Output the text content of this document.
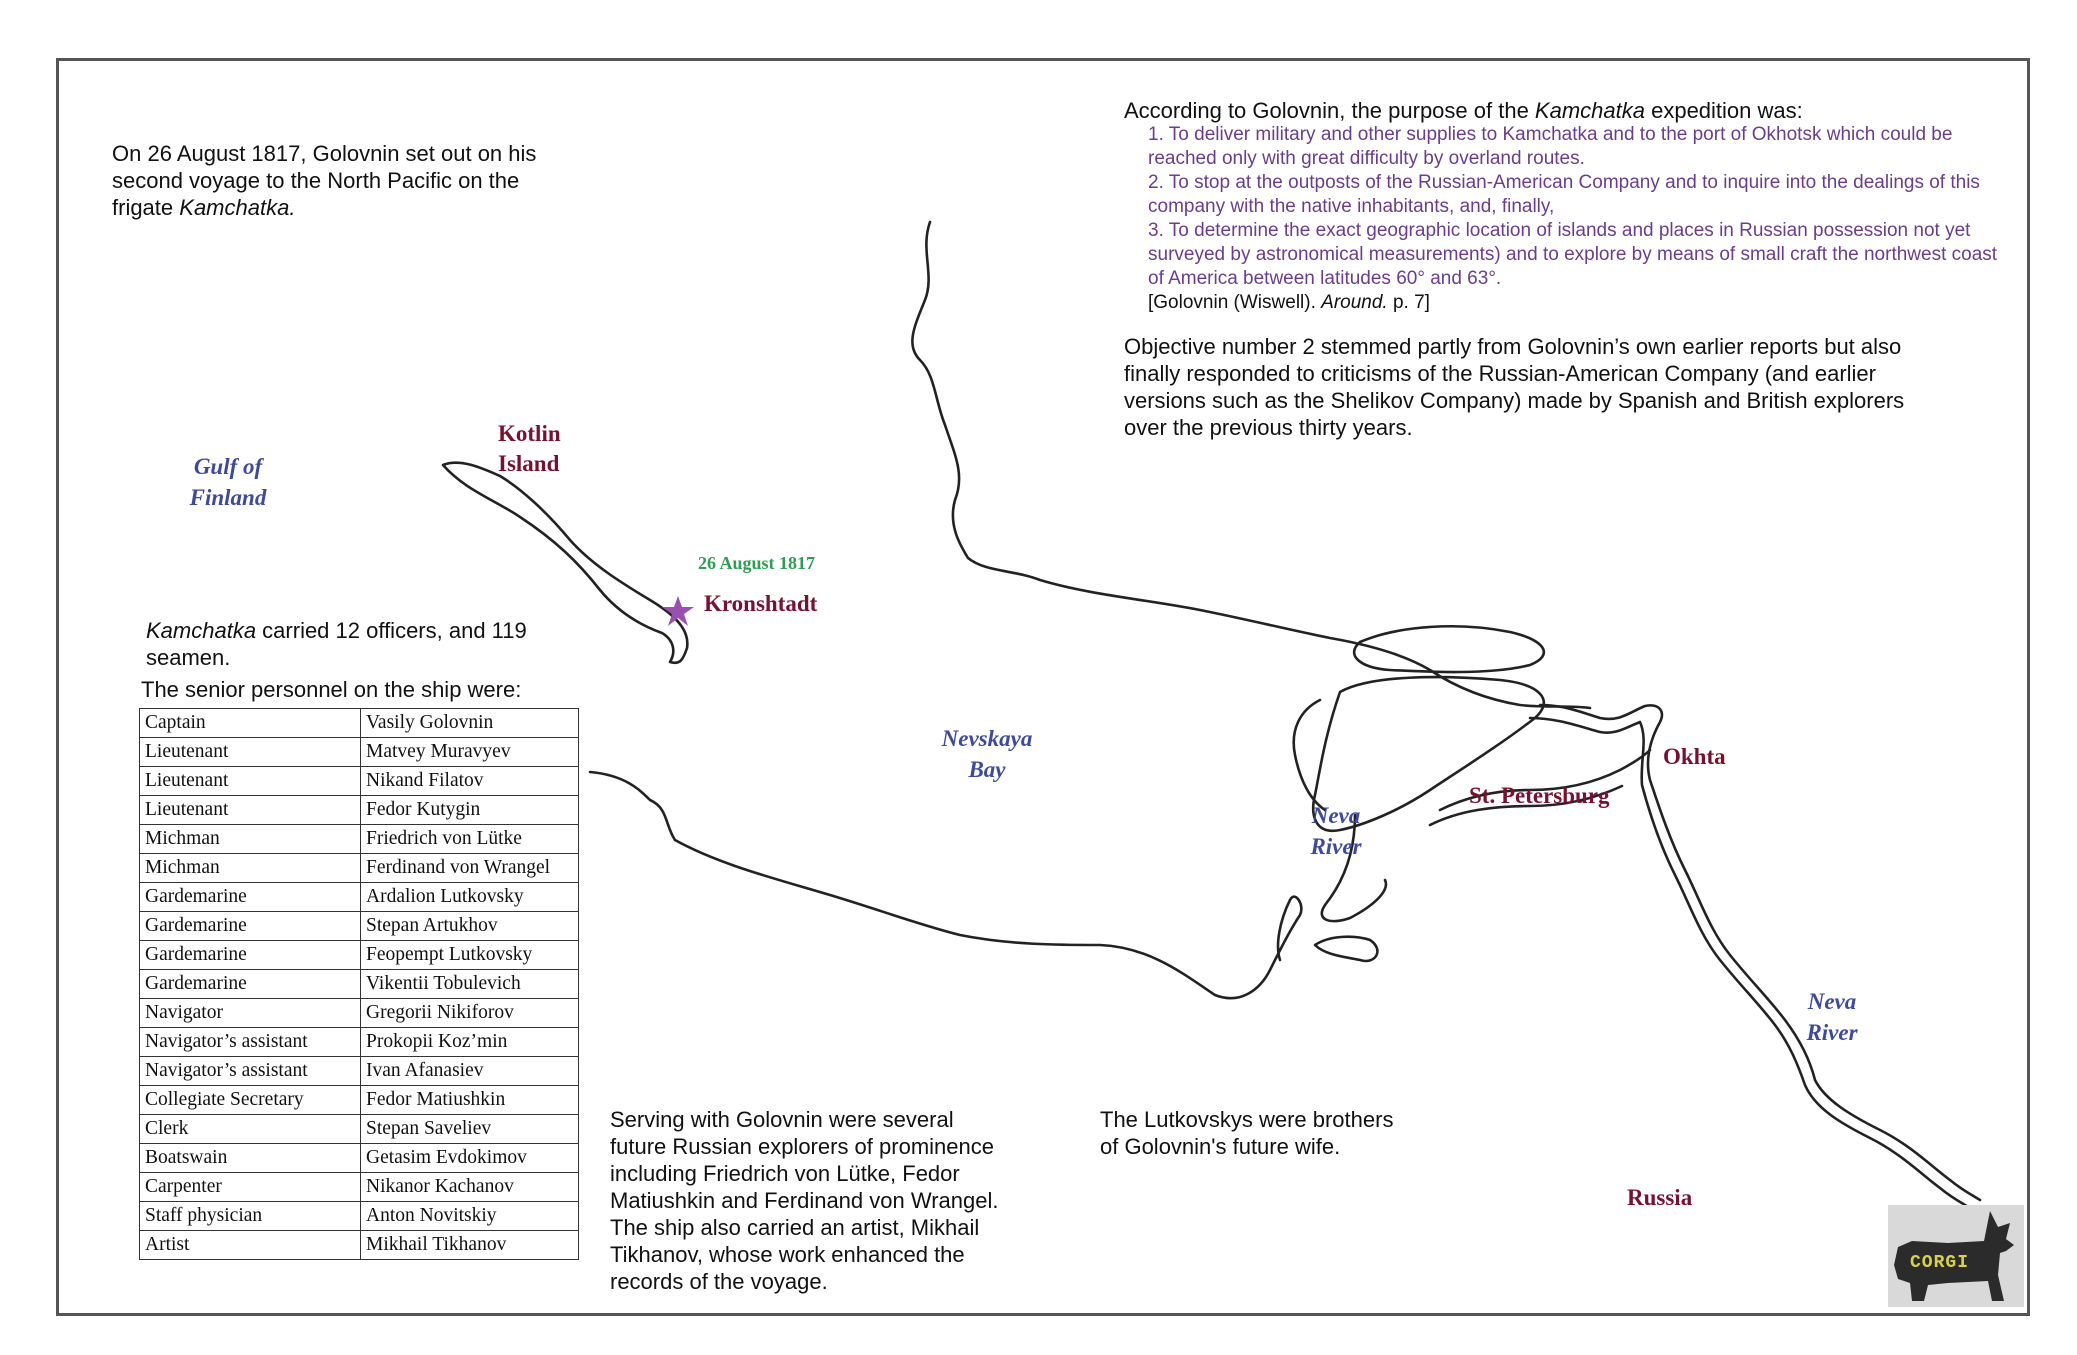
On 26 August 1817, Golovnin set out on his
second voyage to the North Pacific on the
frigate Kamchatka.
According to Golovnin, the purpose of the Kamchatka expedition was:

1. To deliver military and other supplies to Kamchatka and to the port of Okhotsk which could be reached only with great difficulty by overland routes.

2. To stop at the outposts of the Russian-American Company and to inquire into the dealings of this company with the native inhabitants, and, finally,

3. To determine the exact geographic location of islands and places in Russian possession not yet surveyed by astronomical measurements) and to explore by means of small craft the northwest coast of America between latitudes 60° and 63°.

[Golovnin (Wiswell). Around. p. 7]

Objective number 2 stemmed partly from Golovnin’s own earlier reports but also
finally responded to criticisms of the Russian-American Company (and earlier
versions such as the Shelikov Company) made by Spanish and British explorers
over the previous thirty years.
Kamchatka carried 12 officers, and 119
seamen.
The senior personnel on the ship were:
Captain	Vasily Golovnin
Lieutenant	Matvey Muravyev
Lieutenant	Nikand Filatov
Lieutenant	Fedor Kutygin
Michman	Friedrich von Lütke
Michman	Ferdinand von Wrangel
Gardemarine	Ardalion Lutkovsky
Gardemarine	Stepan Artukhov
Gardemarine	Feopempt Lutkovsky
Gardemarine	Vikentii Tobulevich
Navigator	Gregorii Nikiforov
Navigator’s assistant	Prokopii Koz’min
Navigator’s assistant	Ivan Afanasiev
Collegiate Secretary	Fedor Matiushkin
Clerk	Stepan Saveliev
Boatswain	Getasim Evdokimov
Carpenter	Nikanor Kachanov
Staff physician	Anton Novitskiy
Artist	Mikhail Tikhanov
Serving with Golovnin were several
future Russian explorers of prominence
including Friedrich von Lütke, Fedor
Matiushkin and Ferdinand von Wrangel.
The ship also carried an artist, Mikhail
Tikhanov, whose work enhanced the
records of the voyage.
The Lutkovskys were brothers
of Golovnin's future wife.
Kotlin
Island
Kronshtadt
St. Petersburg
Okhta
Russia
Gulf of
Finland
Nevskaya
Bay
Neva
River
Neva
River
26 August 1817
CORGI
